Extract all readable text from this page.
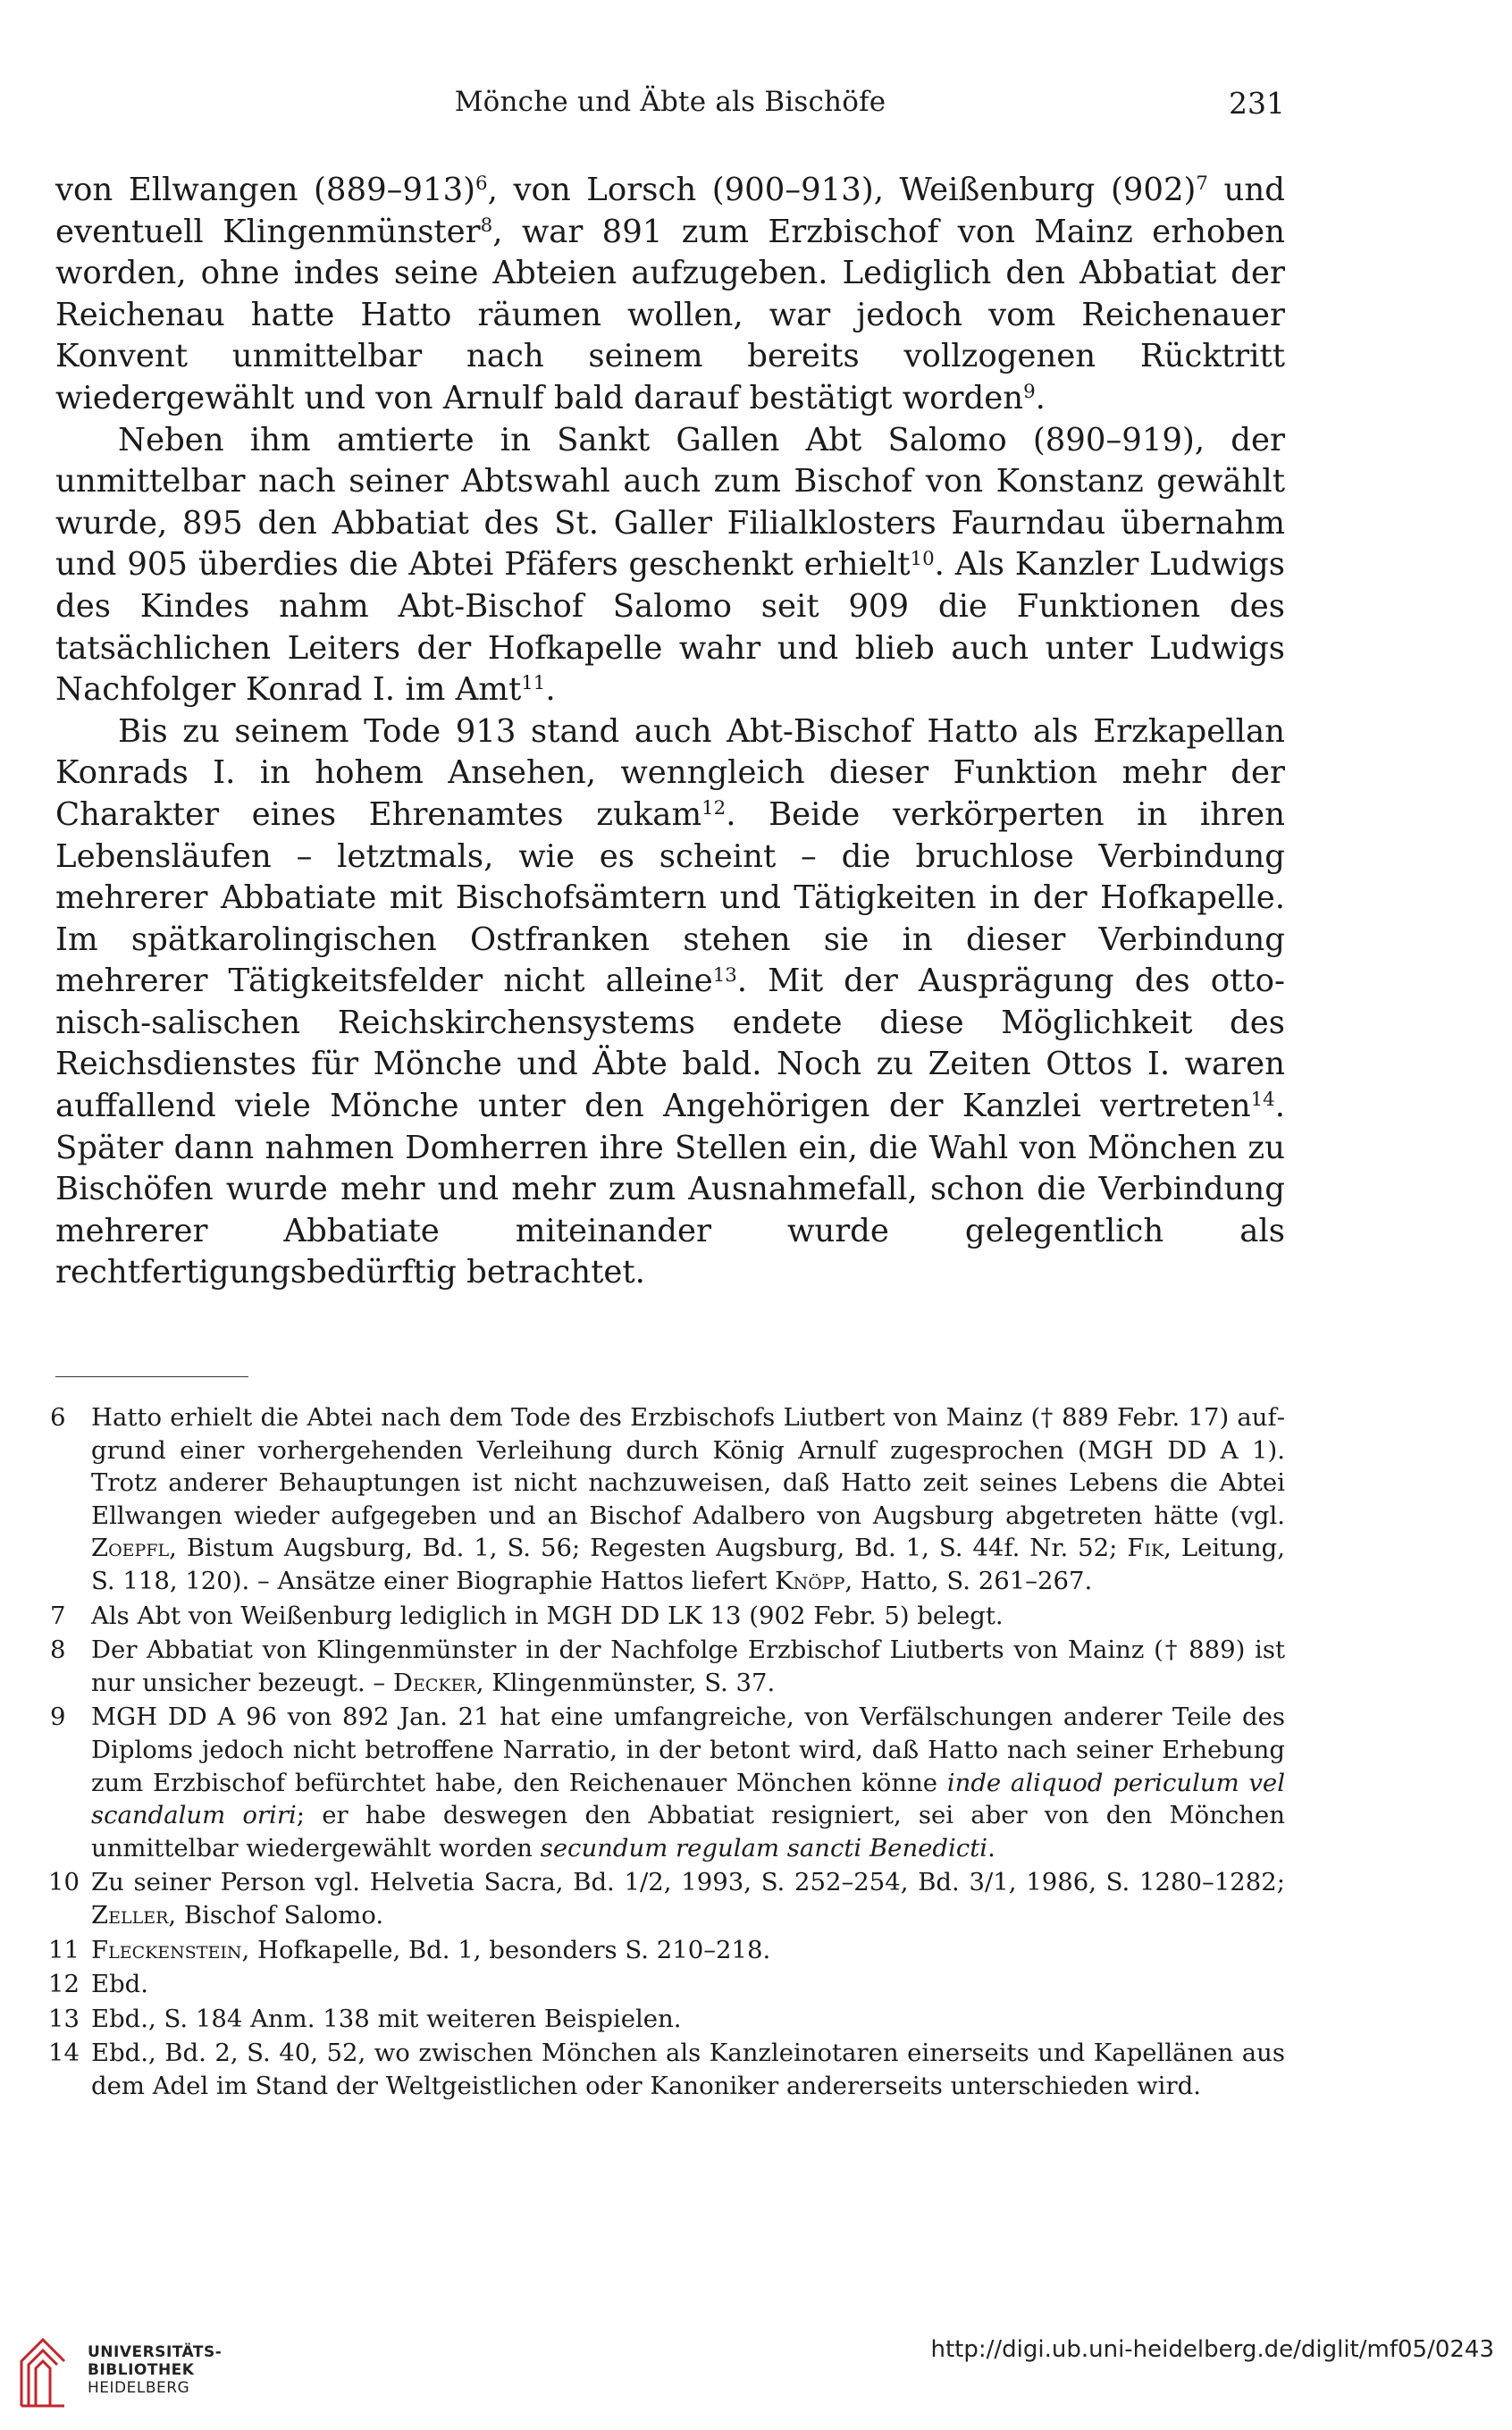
Mönche und Äbte als Bischöfe	231

von Ellwangen $(889-913)^6$, von Lorsch (900–913), Weißenburg $(902)^7$ und eventuell Klingenmünster$^8$, war 891 zum Erzbischof von Mainz erhoben worden, ohne indes seine Abteien aufzugeben. Lediglich den Abbatiat der Reichenau hatte Hatto räumen wollen, war jedoch vom Reichenauer Konvent unmittelbar nach seinem bereits vollzogenen Rücktritt wiedergewählt und von Arnulf bald darauf bestätigt worden$^9$.

Neben ihm amtierte in Sankt Gallen Abt Salomo (890–919), der unmittelbar nach seiner Abtswahl auch zum Bischof von Konstanz gewählt wurde, 895 den Abbatiat des St. Galler Filialklosters Faurndau übernahm und 905 überdies die Abtei Pfäfers geschenkt erhielt$^{10}$. Als Kanzler Ludwigs des Kindes nahm Abt-Bischof Salomo seit 909 die Funktionen des tatsächlichen Leiters der Hofkapelle wahr und blieb auch unter Ludwigs Nachfolger Konrad I. im Amt$^{11}$.

Bis zu seinem Tode 913 stand auch Abt-Bischof Hatto als Erzkapellan Konrads I. in hohem Ansehen, wenngleich dieser Funktion mehr der Charakter eines Ehrenamtes zukam$^{12}$. Beide verkörperten in ihren Lebensläufen – letztmals, wie es scheint – die bruchlose Verbindung mehrerer Abbatiate mit Bischofsämtern und Tätigkeiten in der Hofkapelle. Im spätkarolingischen Ostfranken stehen sie in dieser Verbindung mehrerer Tätigkeitsfelder nicht alleine$^{13}$. Mit der Ausprägung des ottonisch-salischen Reichskirchensystems endete diese Möglichkeit des Reichsdienstes für Mönche und Äbte bald. Noch zu Zeiten Ottos I. waren auffallend viele Mönche unter den Angehörigen der Kanzlei vertreten$^{14}$. Später dann nahmen Domherren ihre Stellen ein, die Wahl von Mönchen zu Bischöfen wurde mehr und mehr zum Ausnahmefall, schon die Verbindung mehrerer Abbatiate miteinander wurde gelegentlich als rechtfertigungsbedürftig betrachtet.

6	Hatto erhielt die Abtei nach dem Tode des Erzbischofs Liutbert von Mainz († 889 Febr. 17) aufgrund einer vorhergehenden Verleihung durch König Arnulf zugesprochen (MGH DD A 1). Trotz anderer Behauptungen ist nicht nachzuweisen, daß Hatto zeit seines Lebens die Abtei Ellwangen wieder aufgegeben und an Bischof Adalbero von Augsburg abgetreten hätte (vgl. Zoepfl, Bistum Augsburg, Bd. 1, S. 56; Regesten Augsburg, Bd. 1, S. 44f. Nr. 52; Fik, Leitung, S. 118, 120). – Ansätze einer Biographie Hattos liefert Knöpp, Hatto, S. 261–267.
7	Als Abt von Weißenburg lediglich in MGH DD LK 13 (902 Febr. 5) belegt.
8	Der Abbatiat von Klingenmünster in der Nachfolge Erzbischof Liutberts von Mainz († 889) ist nur unsicher bezeugt. – Decker, Klingenmünster, S. 37.
9	MGH DD A 96 von 892 Jan. 21 hat eine umfangreiche, von Verfälschungen anderer Teile des Diploms jedoch nicht betroffene Narratio, in der betont wird, daß Hatto nach seiner Erhebung zum Erzbischof befürchtet habe, den Reichenauer Mönchen könne inde aliquod periculum vel scandalum oriri; er habe deswegen den Abbatiat resigniert, sei aber von den Mönchen unmittelbar wiedergewählt worden secundum regulam sancti Benedicti.
10 Zu seiner Person vgl. Helvetia Sacra, Bd. 1/2, 1993, S. 252–254, Bd. 3/1, 1986, S. 1280–1282; Zeller, Bischof Salomo.
11 Fleckenstein, Hofkapelle, Bd. 1, besonders S. 210–218.
12 Ebd.
13 Ebd., S. 184 Anm. 138 mit weiteren Beispielen.
14 Ebd., Bd. 2, S. 40, 52, wo zwischen Mönchen als Kanzleinotaren einerseits und Kapellänen aus dem Adel im Stand der Weltgeistlichen oder Kanoniker andererseits unterschieden wird.
UNIVERSITÄTS-
BIBLIOTHEK
HEIDELBERG
http://digi.ub.uni-heidelberg.de/diglit/mf05/0243
